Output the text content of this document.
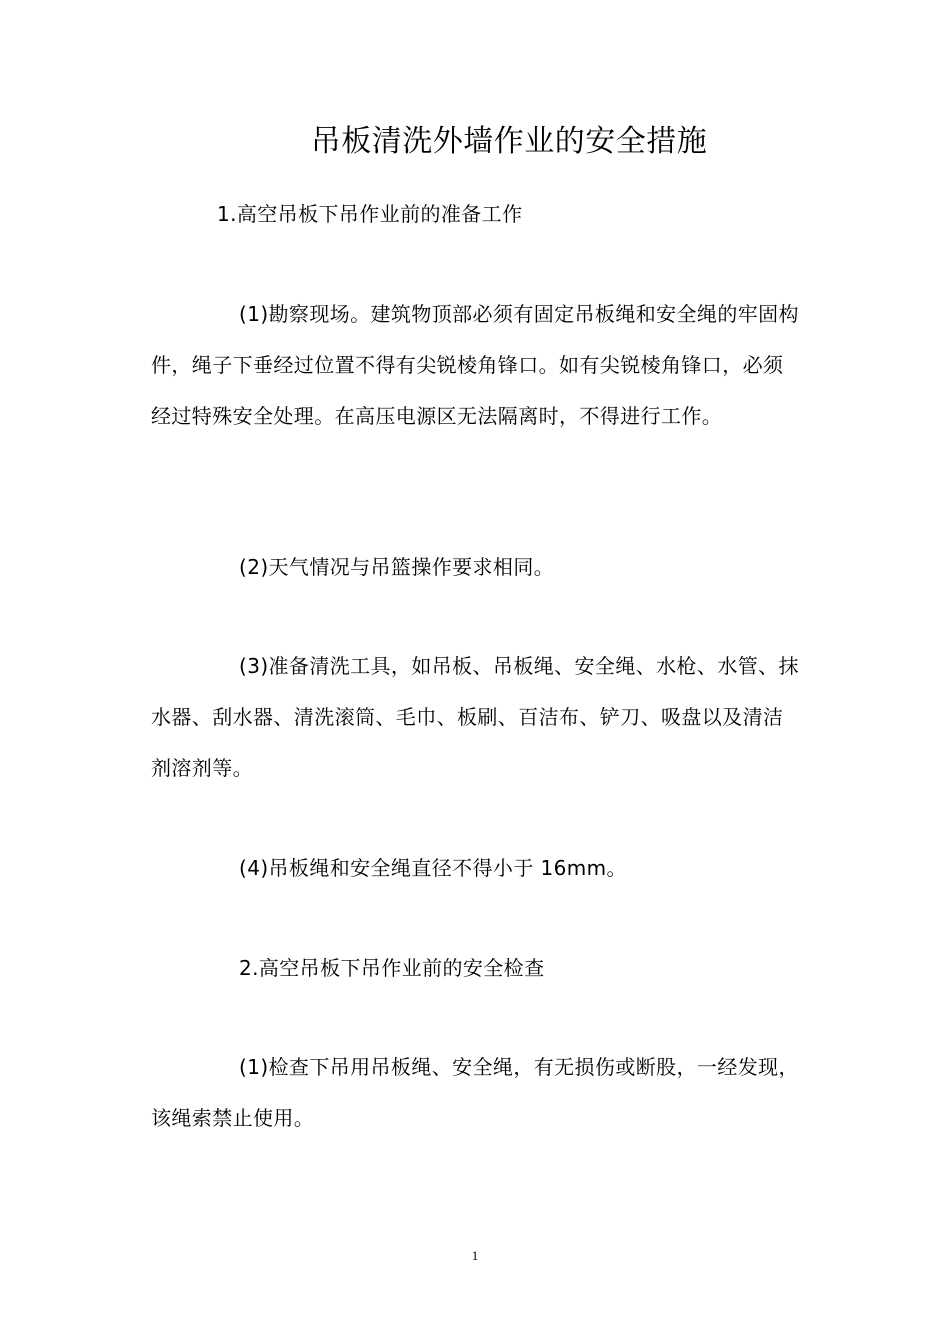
吊板清洗外墙作业的安全措施

1.高空吊板下吊作业前的准备工作

(1)勘察现场。建筑物顶部必须有固定吊板绳和安全绳的牢固构件，绳子下垂经过位置不得有尖锐棱角锋口。如有尖锐棱角锋口，必须经过特殊安全处理。在高压电源区无法隔离时，不得进行工作。

(2)天气情况与吊篮操作要求相同。

(3)准备清洗工具，如吊板、吊板绳、安全绳、水枪、水管、抹水器、刮水器、清洗滚筒、毛巾、板刷、百洁布、铲刀、吸盘以及清洁剂溶剂等。

(4)吊板绳和安全绳直径不得小于 16mm。

2.高空吊板下吊作业前的安全检查

(1)检查下吊用吊板绳、安全绳，有无损伤或断股，一经发现，该绳索禁止使用。

1
